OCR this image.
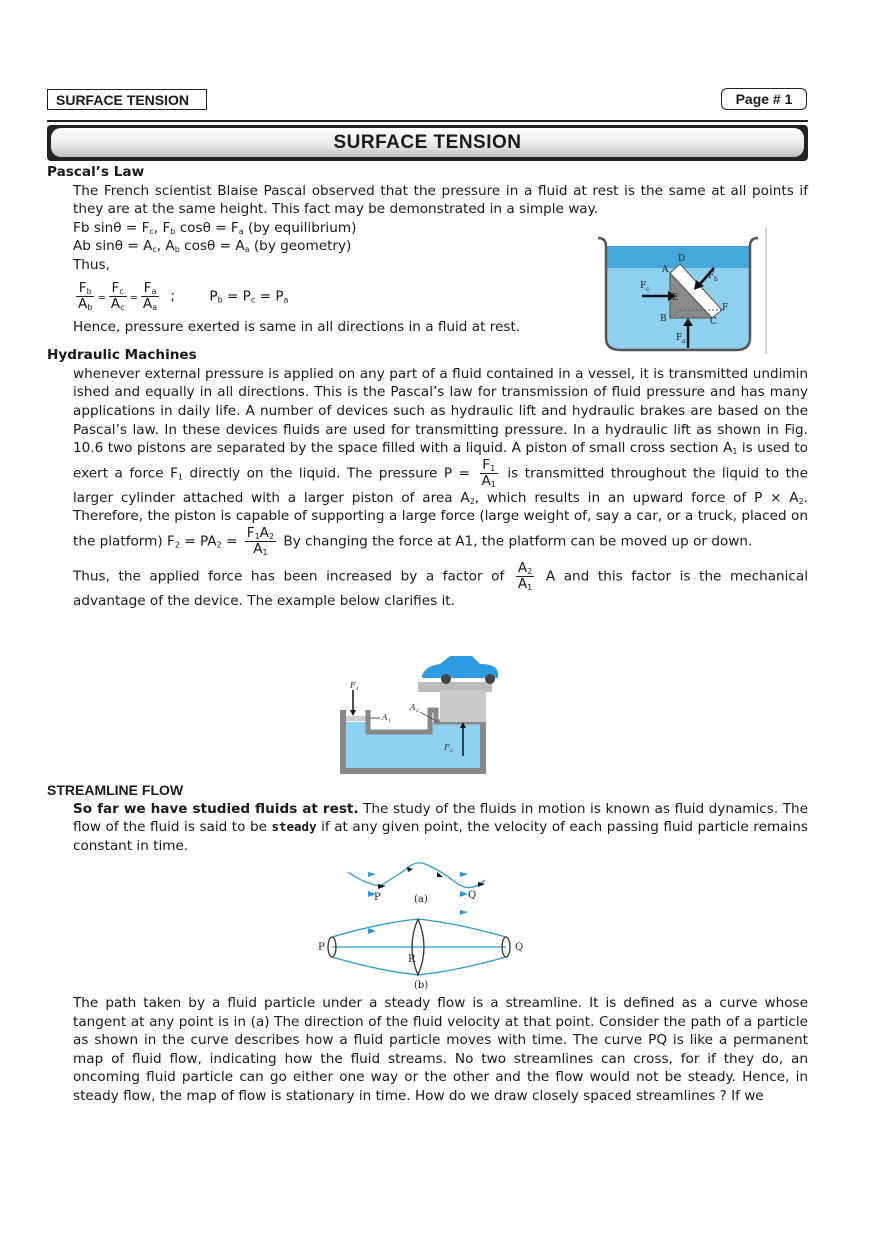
SURFACE TENSION	Page # 1
SURFACE TENSION
Pascal’s Law

The French scientist Blaise Pascal observed that the pressure in a fluid at rest is the same at all points if they are at the same height. This fact may be demonstrated in a simple way.

Fb $\sin\theta = F_c$, $F_b$ $\cos\theta = F_a$ (by equilibrium)

Ab $\sin\theta = A_c$, $A_b$ $\cos\theta = A_a$ (by geometry)

Thus,

$\frac{F_b}{A_b} = \frac{F_c}{A_c} = \frac{F_a}{A_a}$ ;	$P_b = P_c = P_a$

Hence, pressure exerted is same in all directions in a fluid at rest.

Hydraulic Machines

whenever external pressure is applied on any part of a fluid contained in a vessel, it is transmitted undimin ished and equally in all directions. This is the Pascal’s law for transmission of fluid pressure and has many applications in daily life. A number of devices such as hydraulic lift and hydraulic brakes are based on the Pascal’s law. In these devices fluids are used for transmitting pressure. In a hydraulic lift as shown in Fig. 10.6 two pistons are separated by the space filled with a liquid. A piston of small cross section $A_1$ is used to exert a force $F_1$ directly on the liquid. The pressure $P = \frac{F_1}{A_1}$ is transmitted throughout the liquid to the larger cylinder attached with a larger piston of area $A_2$, which results in an upward force of $P \times A_2$. Therefore, the piston is capable of supporting a large force (large weight of, say a car, or a truck, placed on the platform) $F_2 = PA_2 = \frac{F_1A_2}{A_1}$ By changing the force at A1, the platform can be moved up or down.

Thus, the applied force has been increased by a factor of $\frac{A_2}{A_1}$ A and this factor is the mechanical advantage of the device. The example below clarifies it.

D
A
F b
E
F c
F
B	C
F a
F 1
A 1
A 2
F 2
STREAMLINE FLOW

So far we have studied fluids at rest. The study of the fluids in motion is known as fluid dynamics. The flow of the fluid is said to be steady if at any given point, the velocity of each passing fluid particle remains constant in time.

P	Q
(a)
P	Q
R
(b)

The path taken by a fluid particle under a steady flow is a streamline. It is defined as a curve whose tangent at any point is in (a) The direction of the fluid velocity at that point. Consider the path of a particle as shown in the curve describes how a fluid particle moves with time. The curve PQ is like a permanent map of fluid flow, indicating how the fluid streams. No two streamlines can cross, for if they do, an oncoming fluid particle can go either one way or the other and the flow would not be steady. Hence, in steady flow, the map of flow is stationary in time. How do we draw closely spaced streamlines ? If we
